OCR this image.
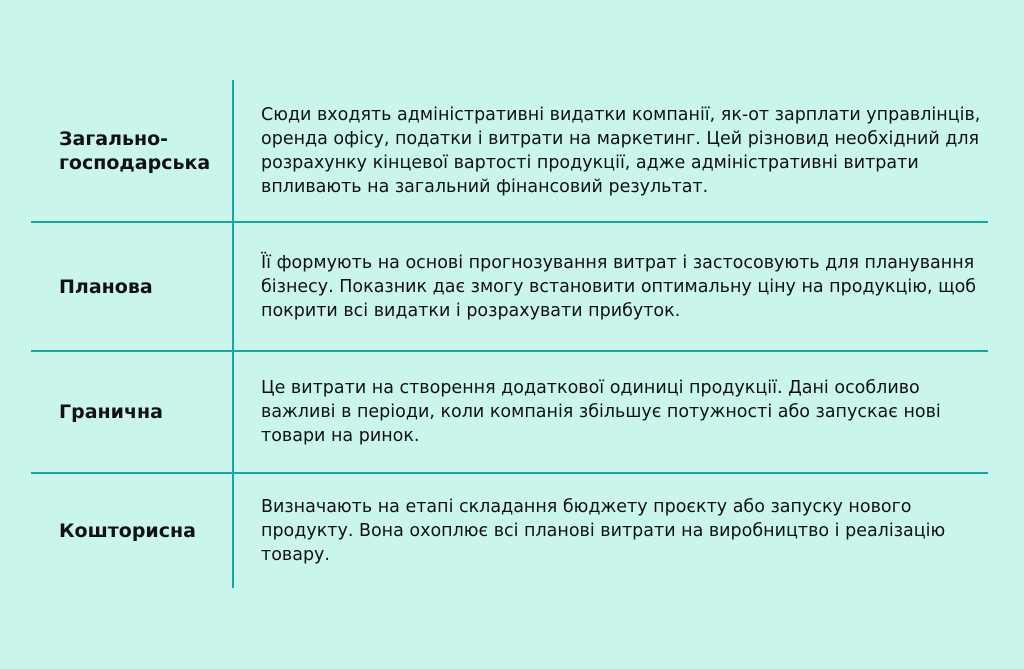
Загально-господарська
Сюди входять адміністративні видатки компанії, як-от зарплати управлінців, оренда офісу, податки і витрати на маркетинг. Цей різновид необхідний для розрахунку кінцевої вартості продукції, адже адміністративні витрати впливають на загальний фінансовий результат.
Планова
Її формують на основі прогнозування витрат і застосовують для планування бізнесу. Показник дає змогу встановити оптимальну ціну на продукцію, щоб покрити всі видатки і розрахувати прибуток.
Гранична
Це витрати на створення додаткової одиниці продукції. Дані особливо важливі в періоди, коли компанія збільшує потужності або запускає нові товари на ринок.
Кошторисна
Визначають на етапі складання бюджету проєкту або запуску нового продукту. Вона охоплює всі планові витрати на виробництво і реалізацію товару.
